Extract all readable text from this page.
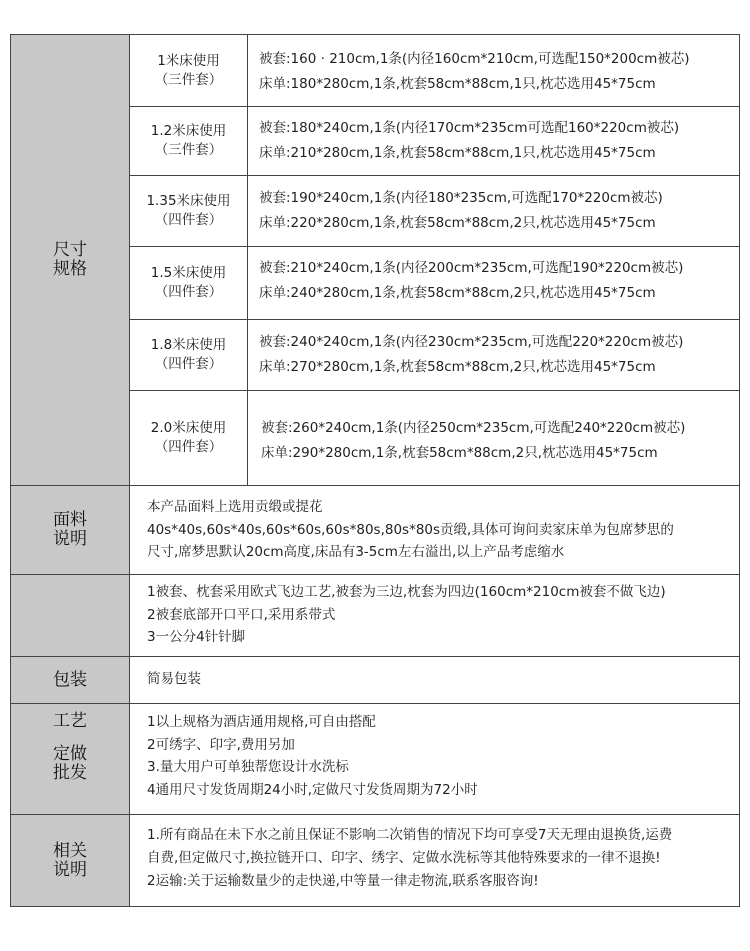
尺寸
规格
1米床使用
（三件套）
被套:160 · 210cm,1条(内径160cm*210cm,可选配150*200cm被芯)
床单:180*280cm,1条,枕套58cm*88cm,1只,枕芯选用45*75cm
1.2米床使用
（三件套）
被套:180*240cm,1条(内径170cm*235cm可选配160*220cm被芯)
床单:210*280cm,1条,枕套58cm*88cm,1只,枕芯选用45*75cm
1.35米床使用
（四件套）
被套:190*240cm,1条(内径180*235cm,可选配170*220cm被芯)
床单:220*280cm,1条,枕套58cm*88cm,2只,枕芯选用45*75cm
1.5米床使用
（四件套）
被套:210*240cm,1条(内径200cm*235cm,可选配190*220cm被芯)
床单:240*280cm,1条,枕套58cm*88cm,2只,枕芯选用45*75cm
1.8米床使用
（四件套）
被套:240*240cm,1条(内径230cm*235cm,可选配220*220cm被芯)
床单:270*280cm,1条,枕套58cm*88cm,2只,枕芯选用45*75cm
2.0米床使用
（四件套）
被套:260*240cm,1条(内径250cm*235cm,可选配240*220cm被芯)
床单:290*280cm,1条,枕套58cm*88cm,2只,枕芯选用45*75cm
面料
说明
本产品面料上选用贡缎或提花
40s*40s,60s*40s,60s*60s,60s*80s,80s*80s贡缎,具体可询问卖家床单为包席梦思的
尺寸,席梦思默认20cm高度,床品有3-5cm左右溢出,以上产品考虑缩水
1被套、枕套采用欧式飞边工艺,被套为三边,枕套为四边(160cm*210cm被套不做飞边)
2被套底部开口平口,采用系带式
3一公分4针针脚
包装	简易包装
工艺
定做
批发
1以上规格为酒店通用规格,可自由搭配
2可绣字、印字,费用另加
3.量大用户可单独帮您设计水洗标
4通用尺寸发货周期24小时,定做尺寸发货周期为72小时
相关
说明
1.所有商品在未下水之前且保证不影响二次销售的情况下均可享受7天无理由退换货,运费
自费,但定做尺寸,换拉链开口、印字、绣字、定做水洗标等其他特殊要求的一律不退换!
2运输:关于运输数量少的走快递,中等量一律走物流,联系客服咨询!
